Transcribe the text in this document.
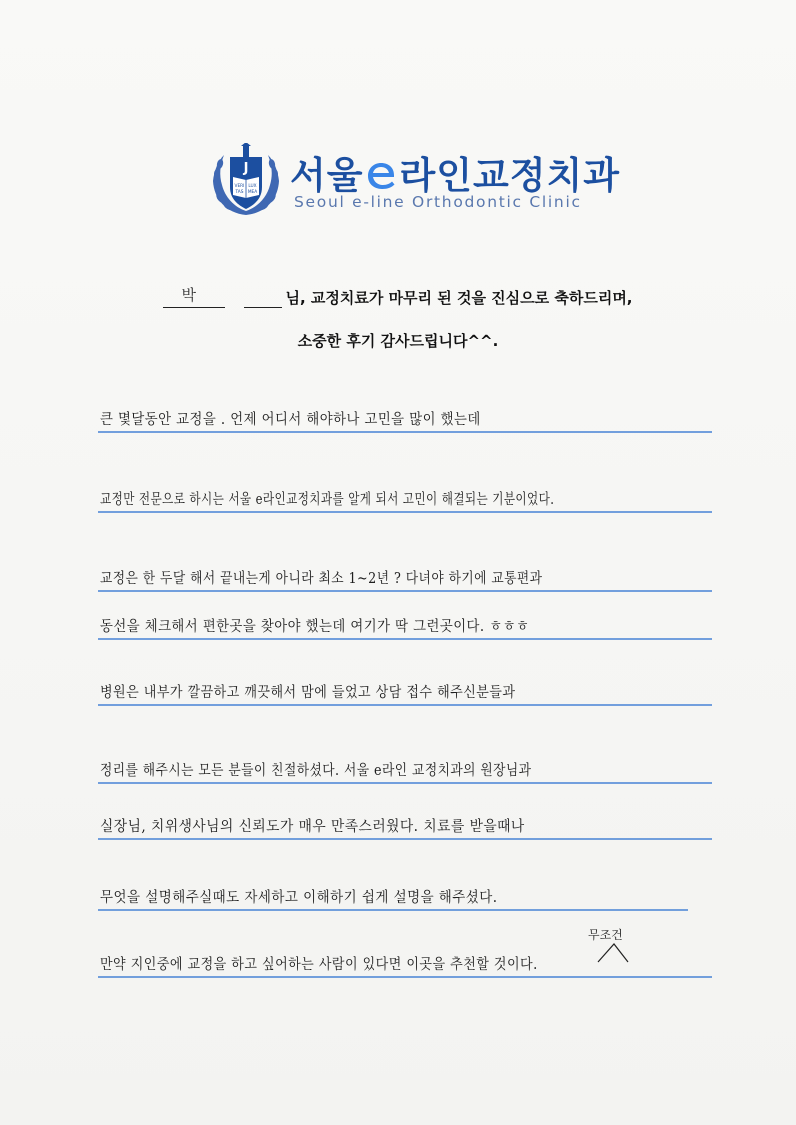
J
VERI LUX
TAS MEA 서울 라인교정치과
Seoul e-line Orthodontic Clinic
박	님, 교정치료가 마무리 된 것을 진심으로 축하드리며,
소중한 후기 감사드립니다^^.
큰 몇달동안 교정을 . 언제 어디서 해야하나 고민을 많이 했는데
교정만 전문으로 하시는 서울 e라인교정치과를 알게 되서 고민이 해결되는 기분이었다.
교정은 한 두달 해서 끝내는게 아니라 최소 1~2년 ? 다녀야 하기에 교통편과
동선을 체크해서 편한곳을 찾아야 했는데 여기가 딱 그런곳이다. ㅎㅎㅎ
병원은 내부가 깔끔하고 깨끗해서 맘에 들었고 상담 접수 해주신분들과
정리를 해주시는 모든 분들이 친절하셨다. 서울 e라인 교정치과의 원장님과
실장님, 치위생사님의 신뢰도가 매우 만족스러웠다. 치료를 받을때나
무엇을 설명해주실때도 자세하고 이해하기 쉽게 설명을 해주셨다.
만약 지인중에 교정을 하고 싶어하는 사람이 있다면 이곳을 추천할 것이다.
무조건
